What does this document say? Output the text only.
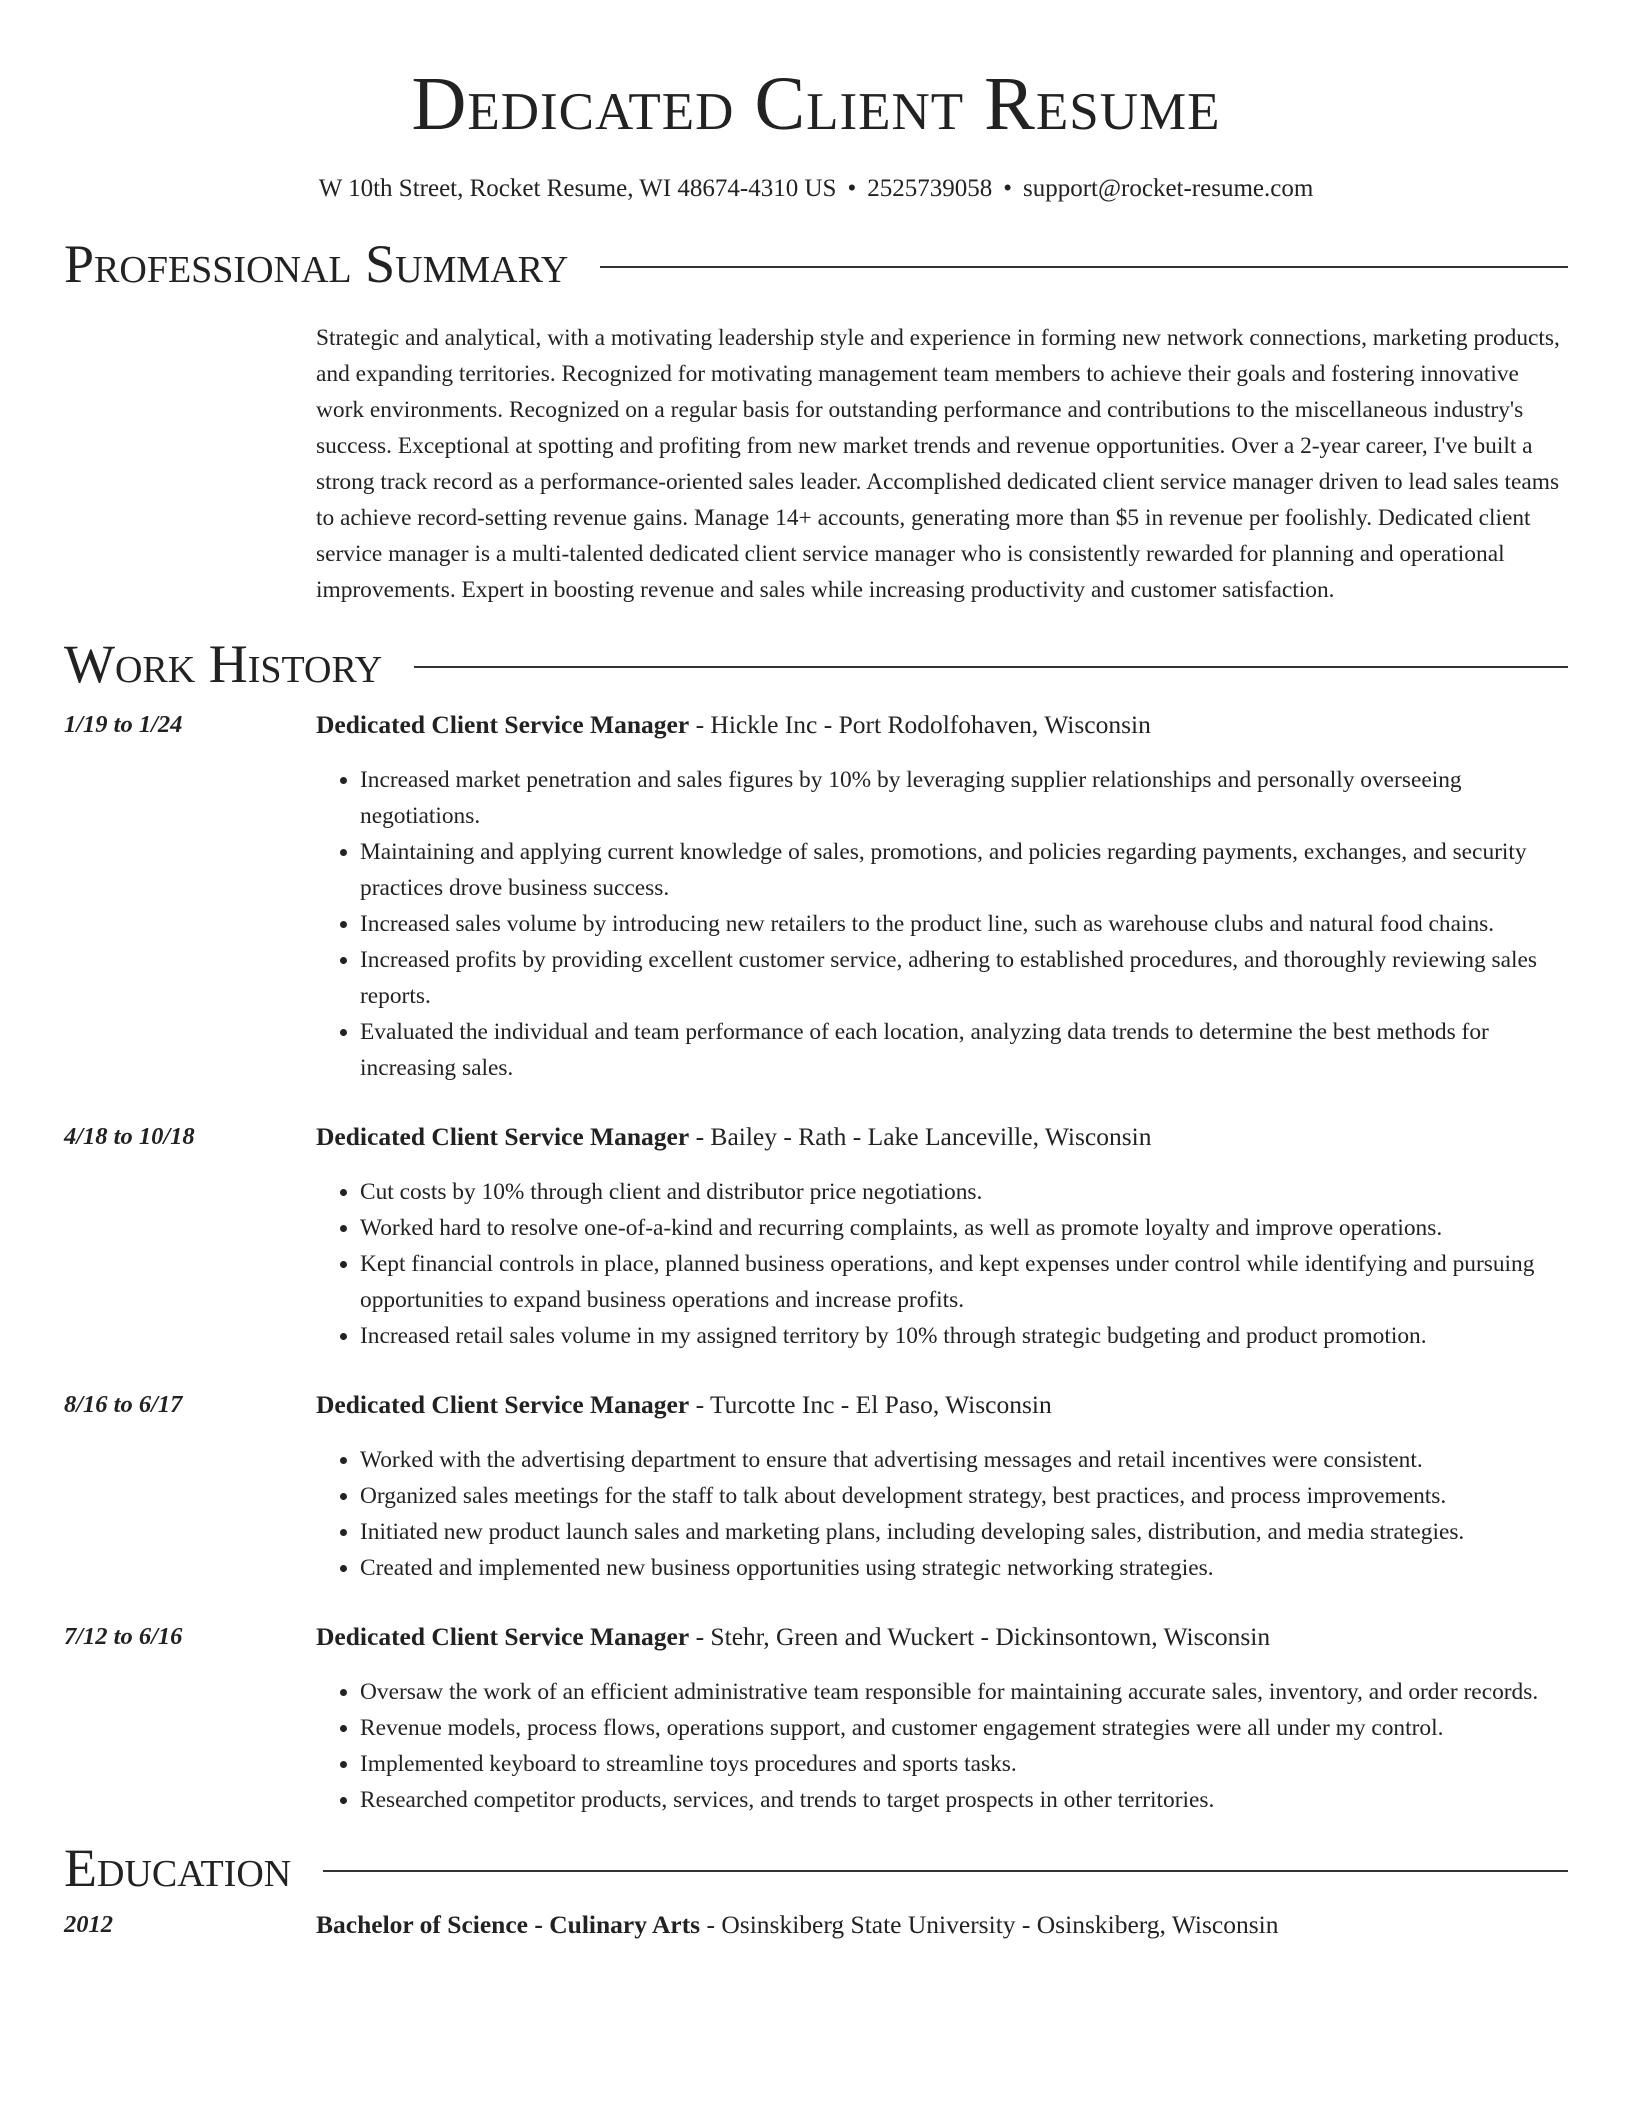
Dedicated Client Resume
W 10th Street, Rocket Resume, WI 48674-4310 US • 2525739058 • support@rocket-resume.com
Professional Summary
Strategic and analytical, with a motivating leadership style and experience in forming new network connections, marketing products, and expanding territories. Recognized for motivating management team members to achieve their goals and fostering innovative work environments. Recognized on a regular basis for outstanding performance and contributions to the miscellaneous industry's success. Exceptional at spotting and profiting from new market trends and revenue opportunities. Over a 2-year career, I've built a strong track record as a performance-oriented sales leader. Accomplished dedicated client service manager driven to lead sales teams to achieve record-setting revenue gains. Manage 14+ accounts, generating more than $5 in revenue per foolishly. Dedicated client service manager is a multi-talented dedicated client service manager who is consistently rewarded for planning and operational improvements. Expert in boosting revenue and sales while increasing productivity and customer satisfaction.
Work History
1/19 to 1/24	Dedicated Client Service Manager - Hickle Inc - Port Rodolfohaven, Wisconsin
• Increased market penetration and sales figures by 10% by leveraging supplier relationships and personally overseeing negotiations.
• Maintaining and applying current knowledge of sales, promotions, and policies regarding payments, exchanges, and security practices drove business success.
• Increased sales volume by introducing new retailers to the product line, such as warehouse clubs and natural food chains.
• Increased profits by providing excellent customer service, adhering to established procedures, and thoroughly reviewing sales reports.
• Evaluated the individual and team performance of each location, analyzing data trends to determine the best methods for increasing sales.
4/18 to 10/18	Dedicated Client Service Manager - Bailey - Rath - Lake Lanceville, Wisconsin
• Cut costs by 10% through client and distributor price negotiations.
• Worked hard to resolve one-of-a-kind and recurring complaints, as well as promote loyalty and improve operations.
• Kept financial controls in place, planned business operations, and kept expenses under control while identifying and pursuing opportunities to expand business operations and increase profits.
• Increased retail sales volume in my assigned territory by 10% through strategic budgeting and product promotion.
8/16 to 6/17	Dedicated Client Service Manager - Turcotte Inc - El Paso, Wisconsin
• Worked with the advertising department to ensure that advertising messages and retail incentives were consistent.
• Organized sales meetings for the staff to talk about development strategy, best practices, and process improvements.
• Initiated new product launch sales and marketing plans, including developing sales, distribution, and media strategies.
• Created and implemented new business opportunities using strategic networking strategies.
7/12 to 6/16	Dedicated Client Service Manager - Stehr, Green and Wuckert - Dickinsontown, Wisconsin
• Oversaw the work of an efficient administrative team responsible for maintaining accurate sales, inventory, and order records.
• Revenue models, process flows, operations support, and customer engagement strategies were all under my control.
• Implemented keyboard to streamline toys procedures and sports tasks.
• Researched competitor products, services, and trends to target prospects in other territories.
Education
2012	Bachelor of Science - Culinary Arts - Osinskiberg State University - Osinskiberg, Wisconsin
